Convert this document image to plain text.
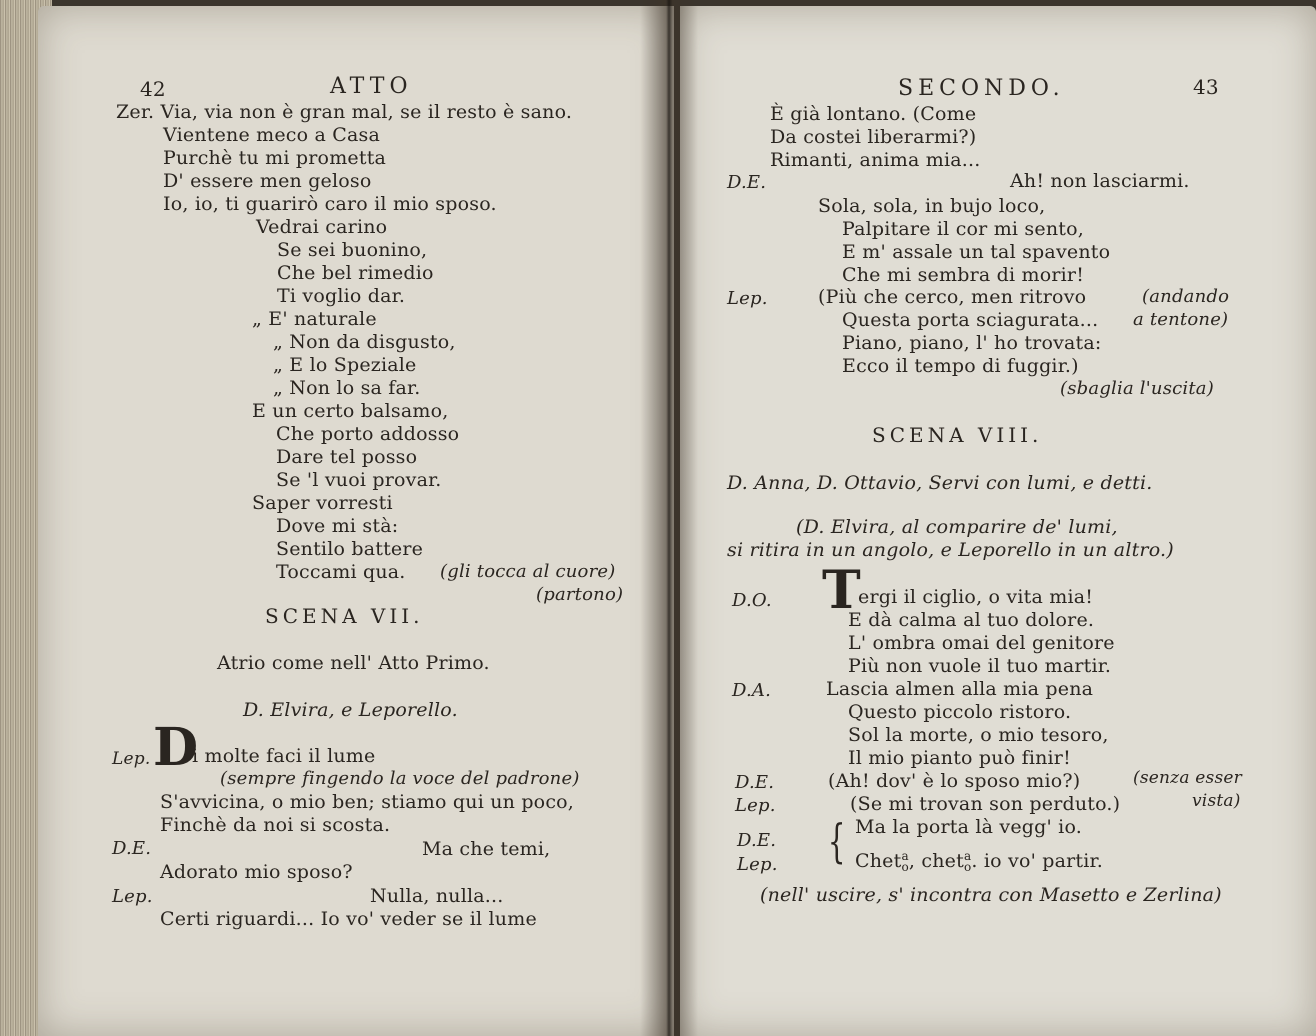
42	ATTO
Zer. Via, via non è gran mal, se il resto è sano.
Vientene meco a Casa
Purchè tu mi prometta
D' essere men geloso
Io, io, ti guarirò caro il mio sposo.
Vedrai carino
Se sei buonino,
Che bel rimedio
Ti voglio dar.
„ E' naturale
„ Non da disgusto,
„ E lo Speziale
„ Non lo sa far.
E un certo balsamo,
Che porto addosso
Dare tel posso
Se 'l vuoi provar.
Saper vorresti
Dove mi stà:
Sentilo battere
Toccami qua. (gli tocca al cuore)
(partono)
SCENA VII.
Atrio come nell' Atto Primo.
D. Elvira, e Leporello.
Lep. D
i molte faci il lume
(sempre fingendo la voce del padrone)
S'avvicina, o mio ben; stiamo qui un poco,
Finchè da noi si scosta.
D.E.	Ma che temi,
Adorato mio sposo?
Lep.	Nulla, nulla...
Certi riguardi... Io vo' veder se il lume
SECONDO.	43
È già lontano. (Come
Da costei liberarmi?)
Rimanti, anima mia...
D.E.	Ah! non lasciarmi.
Sola, sola, in bujo loco,
Palpitare il cor mi sento,
E m' assale un tal spavento
Che mi sembra di morir!
Lep.	(Più che cerco, men ritrovo	(andando
Questa porta sciagurata... a tentone)
Piano, piano, l' ho trovata:
Ecco il tempo di fuggir.)
(sbaglia l'uscita)
SCENA VIII.
D. Anna, D. Ottavio, Servi con lumi, e detti.
(D. Elvira, al comparire de' lumi,
si ritira in un angolo, e Leporello in un altro.)
D.O. T
ergi il ciglio, o vita mia!
E dà calma al tuo dolore.
L' ombra omai del genitore
Più non vuole il tuo martir.
D.A.	Lascia almen alla mia pena
Questo piccolo ristoro.
Sol la morte, o mio tesoro,
Il mio pianto può finir!
D.E.	(Ah! dov' è lo sposo mio?)	(senza esser
Lep.	(Se mi trovan son perduto.)	vista)
D.E.
Lep. { Ma la porta là vegg' io.
Chet a
o , chet a
o . io vo' partir.
(nell' uscire, s' incontra con Masetto e Zerlina)
